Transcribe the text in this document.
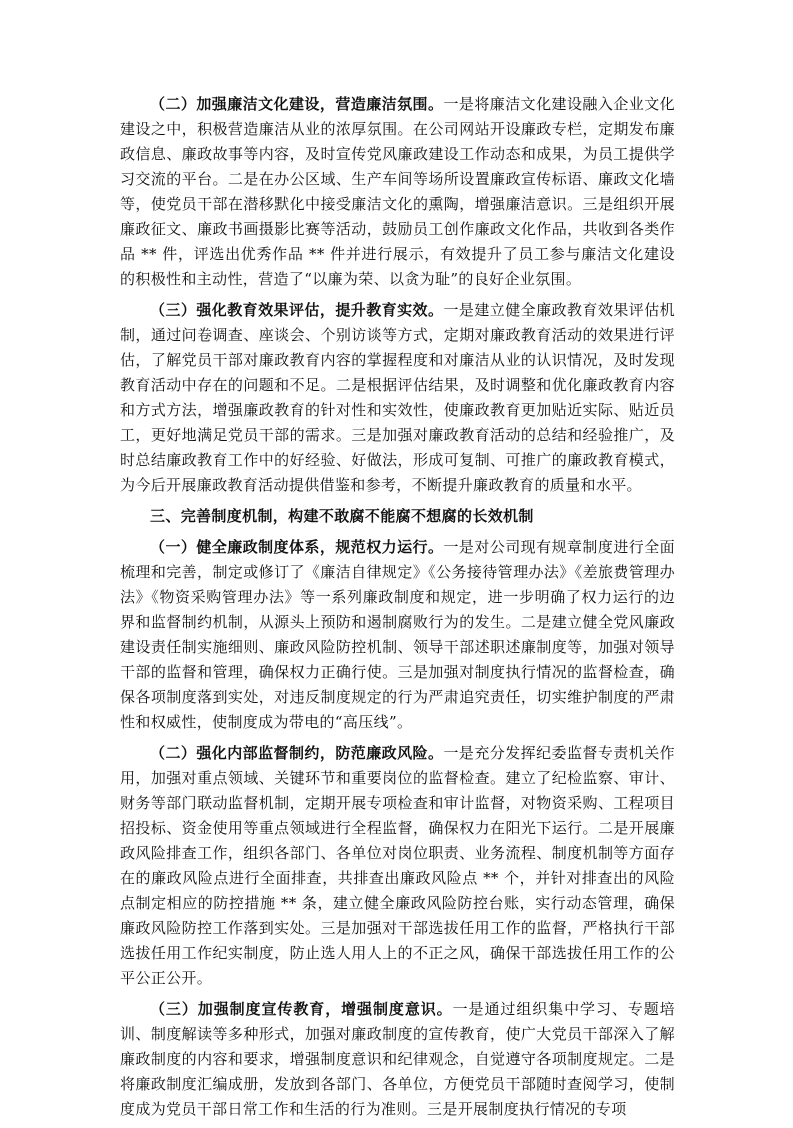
（二）加强廉洁文化建设，营造廉洁氛围。一是将廉洁文化建设融入企业文化建设之中，积极营造廉洁从业的浓厚氛围。在公司网站开设廉政专栏，定期发布廉政信息、廉政故事等内容，及时宣传党风廉政建设工作动态和成果，为员工提供学习交流的平台。二是在办公区域、生产车间等场所设置廉政宣传标语、廉政文化墙等，使党员干部在潜移默化中接受廉洁文化的熏陶，增强廉洁意识。三是组织开展廉政征文、廉政书画摄影比赛等活动，鼓励员工创作廉政文化作品，共收到各类作品 ** 件，评选出优秀作品 ** 件并进行展示，有效提升了员工参与廉洁文化建设的积极性和主动性，营造了“以廉为荣、以贪为耻”的良好企业氛围。

（三）强化教育效果评估，提升教育实效。一是建立健全廉政教育效果评估机制，通过问卷调查、座谈会、个别访谈等方式，定期对廉政教育活动的效果进行评估，了解党员干部对廉政教育内容的掌握程度和对廉洁从业的认识情况，及时发现教育活动中存在的问题和不足。二是根据评估结果，及时调整和优化廉政教育内容和方式方法，增强廉政教育的针对性和实效性，使廉政教育更加贴近实际、贴近员工，更好地满足党员干部的需求。三是加强对廉政教育活动的总结和经验推广，及时总结廉政教育工作中的好经验、好做法，形成可复制、可推广的廉政教育模式，为今后开展廉政教育活动提供借鉴和参考，不断提升廉政教育的质量和水平。

三、完善制度机制，构建不敢腐不能腐不想腐的长效机制

（一）健全廉政制度体系，规范权力运行。一是对公司现有规章制度进行全面梳理和完善，制定或修订了《廉洁自律规定》《公务接待管理办法》《差旅费管理办法》《物资采购管理办法》等一系列廉政制度和规定，进一步明确了权力运行的边界和监督制约机制，从源头上预防和遏制腐败行为的发生。二是建立健全党风廉政建设责任制实施细则、廉政风险防控机制、领导干部述职述廉制度等，加强对领导干部的监督和管理，确保权力正确行使。三是加强对制度执行情况的监督检查，确保各项制度落到实处，对违反制度规定的行为严肃追究责任，切实维护制度的严肃性和权威性，使制度成为带电的“高压线”。

（二）强化内部监督制约，防范廉政风险。一是充分发挥纪委监督专责机关作用，加强对重点领域、关键环节和重要岗位的监督检查。建立了纪检监察、审计、财务等部门联动监督机制，定期开展专项检查和审计监督，对物资采购、工程项目招投标、资金使用等重点领域进行全程监督，确保权力在阳光下运行。二是开展廉政风险排查工作，组织各部门、各单位对岗位职责、业务流程、制度机制等方面存在的廉政风险点进行全面排查，共排查出廉政风险点 ** 个，并针对排查出的风险点制定相应的防控措施 ** 条，建立健全廉政风险防控台账，实行动态管理，确保廉政风险防控工作落到实处。三是加强对干部选拔任用工作的监督，严格执行干部选拔任用工作纪实制度，防止选人用人上的不正之风，确保干部选拔任用工作的公平公正公开。

（三）加强制度宣传教育，增强制度意识。一是通过组织集中学习、专题培训、制度解读等多种形式，加强对廉政制度的宣传教育，使广大党员干部深入了解廉政制度的内容和要求，增强制度意识和纪律观念，自觉遵守各项制度规定。二是将廉政制度汇编成册，发放到各部门、各单位，方便党员干部随时查阅学习，使制度成为党员干部日常工作和生活的行为准则。三是开展制度执行情况的专项
